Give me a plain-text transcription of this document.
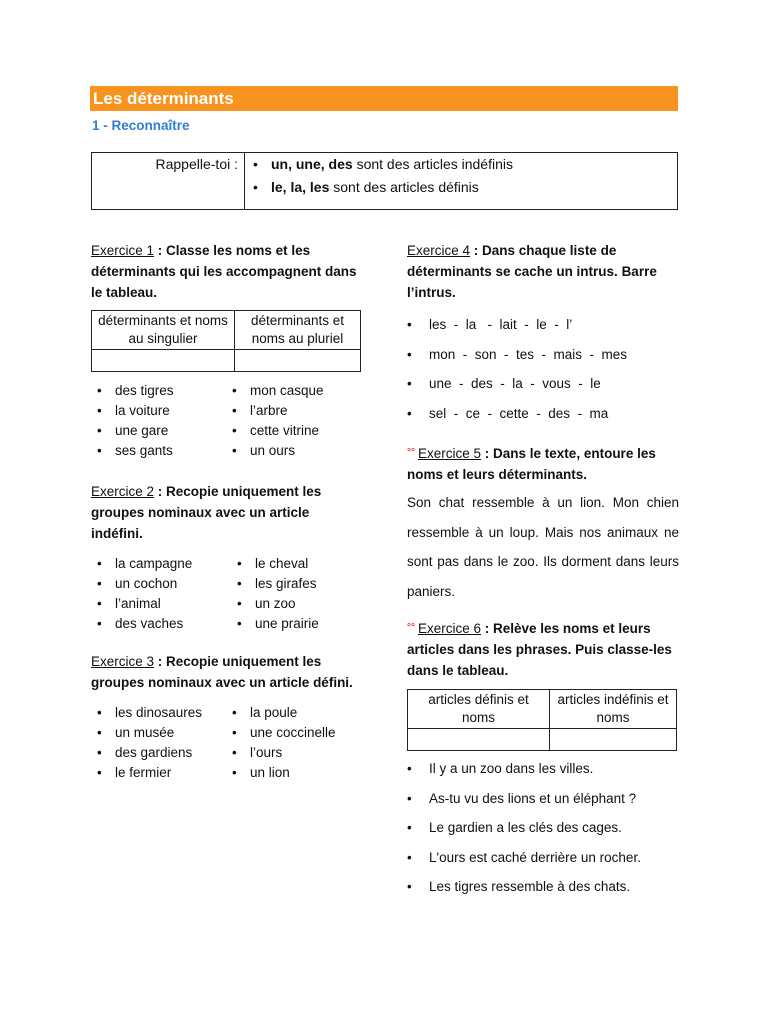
Les déterminants
1 - Reconnaître
Rappelle-toi :	• un, une, des sont des articles indéfinis
• le, la, les sont des articles définis
Exercice 1 : Classe les noms et les déterminants qui les accompagnent dans le tableau.
déterminants et noms au singulier	déterminants et noms au pluriel

• des tigres
• la voiture
• une gare
• ses gants
• mon casque
• l’arbre
• cette vitrine
• un ours
Exercice 2 : Recopie uniquement les groupes nominaux avec un article indéfini.
• la campagne
• un cochon
• l’animal
• des vaches
• le cheval
• les girafes
• un zoo
• une prairie
Exercice 3 : Recopie uniquement les groupes nominaux avec un article défini.
• les dinosaures
• un musée
• des gardiens
• le fermier
• la poule
• une coccinelle
• l’ours
• un lion
Exercice 4 : Dans chaque liste de déterminants se cache un intrus. Barre l’intrus.
•	les  -  la   -  lait  -  le  -  l’
•	mon  -  son  -  tes  -  mais  -  mes
•	une  -  des  -  la  -  vous  -  le
•	sel  -  ce  -  cette  -  des  -  ma
°° Exercice 5 : Dans le texte, entoure les noms et leurs déterminants.
Son chat ressemble à un lion. Mon chien ressemble à un loup. Mais nos animaux ne sont pas dans le zoo. Ils dorment dans leurs paniers.
°° Exercice 6 : Relève les noms et leurs articles dans les phrases. Puis classe-les dans le tableau.
articles définis et noms	articles indéfinis et noms

•	Il y a un zoo dans les villes.
•	As-tu vu des lions et un éléphant ?
•	Le gardien a les clés des cages.
•	L'ours est caché derrière un rocher.
•	Les tigres ressemble à des chats.
